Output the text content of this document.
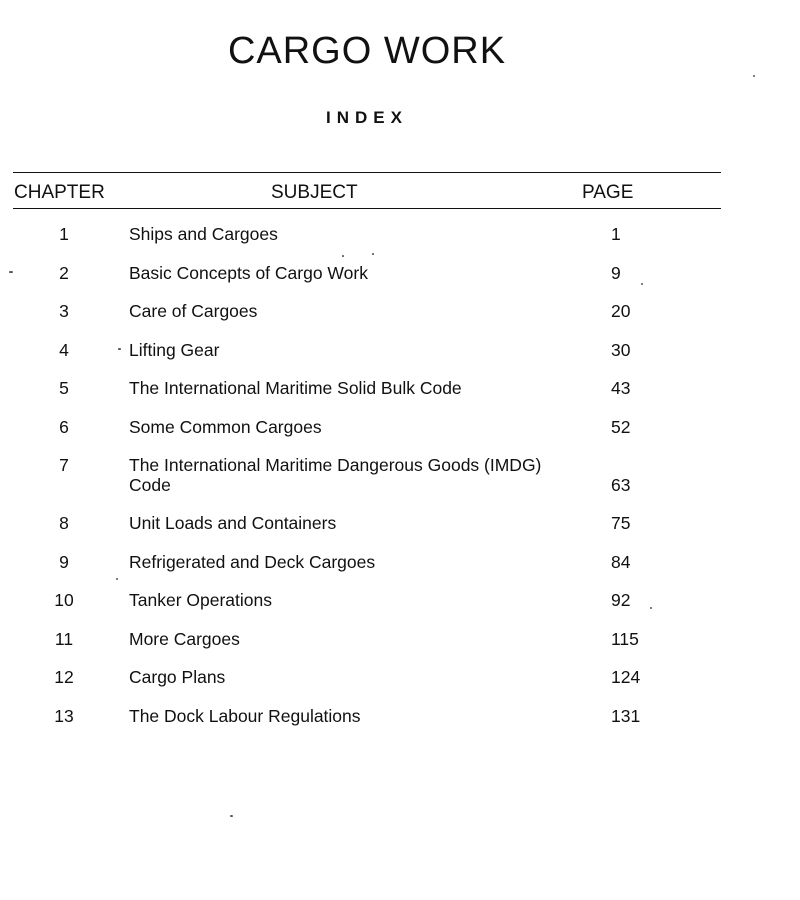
CARGO WORK
INDEX
CHAPTER	SUBJECT	PAGE
1	Ships and Cargoes	1
2	Basic Concepts of Cargo Work	9
3	Care of Cargoes	20
4	Lifting Gear	30
5	The International Maritime Solid Bulk Code	43
6	Some Common Cargoes	52
7	The International Maritime Dangerous Goods (IMDG) Code	63
8	Unit Loads and Containers	75
9	Refrigerated and Deck Cargoes	84
10	Tanker Operations	92
11	More Cargoes	115
12	Cargo Plans	124
13	The Dock Labour Regulations	131
